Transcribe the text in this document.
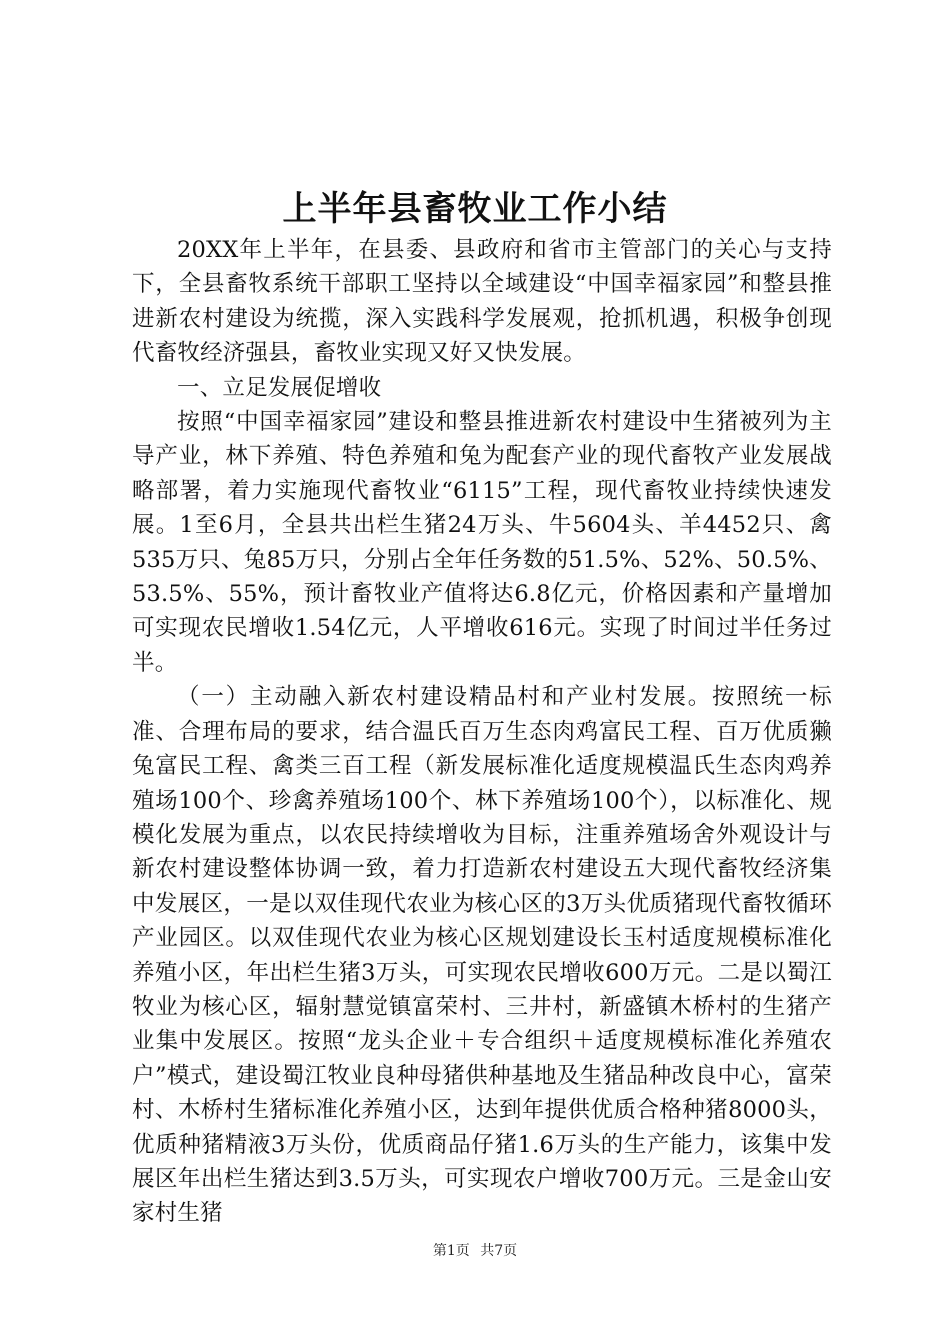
上半年县畜牧业工作小结

20XX年上半年，在县委、县政府和省市主管部门的关心与支持下，全县畜牧系统干部职工坚持以全域建设“中国幸福家园”和整县推进新农村建设为统揽，深入实践科学发展观，抢抓机遇，积极争创现代畜牧经济强县，畜牧业实现又好又快发展。

一、立足发展促增收

按照“中国幸福家园”建设和整县推进新农村建设中生猪被列为主导产业，林下养殖、特色养殖和兔为配套产业的现代畜牧产业发展战略部署，着力实施现代畜牧业“6115”工程，现代畜牧业持续快速发展。1至6月，全县共出栏生猪24万头、牛5604头、羊4452只、禽535万只、兔85万只，分别占全年任务数的51.5%、52%、50.5%、53.5%、55%，预计畜牧业产值将达6.8亿元，价格因素和产量增加可实现农民增收1.54亿元，人平增收616元。实现了时间过半任务过半。

（一）主动融入新农村建设精品村和产业村发展。按照统一标准、合理布局的要求，结合温氏百万生态肉鸡富民工程、百万优质獭兔富民工程、禽类三百工程（新发展标准化适度规模温氏生态肉鸡养殖场100个、珍禽养殖场100个、林下养殖场100个），以标准化、规模化发展为重点，以农民持续增收为目标，注重养殖场舍外观设计与新农村建设整体协调一致，着力打造新农村建设五大现代畜牧经济集中发展区，一是以双佳现代农业为核心区的3万头优质猪现代畜牧循环产业园区。以双佳现代农业为核心区规划建设长玉村适度规模标准化养殖小区，年出栏生猪3万头，可实现农民增收600万元。二是以蜀江牧业为核心区，辐射慧觉镇富荣村、三井村，新盛镇木桥村的生猪产业集中发展区。按照“龙头企业＋专合组织＋适度规模标准化养殖农户”模式，建设蜀江牧业良种母猪供种基地及生猪品种改良中心，富荣村、木桥村生猪标准化养殖小区，达到年提供优质合格种猪8000头，优质种猪精液3万头份，优质商品仔猪1.6万头的生产能力，该集中发展区年出栏生猪达到3.5万头，可实现农户增收700万元。三是金山安家村生猪

第1页 共7页
